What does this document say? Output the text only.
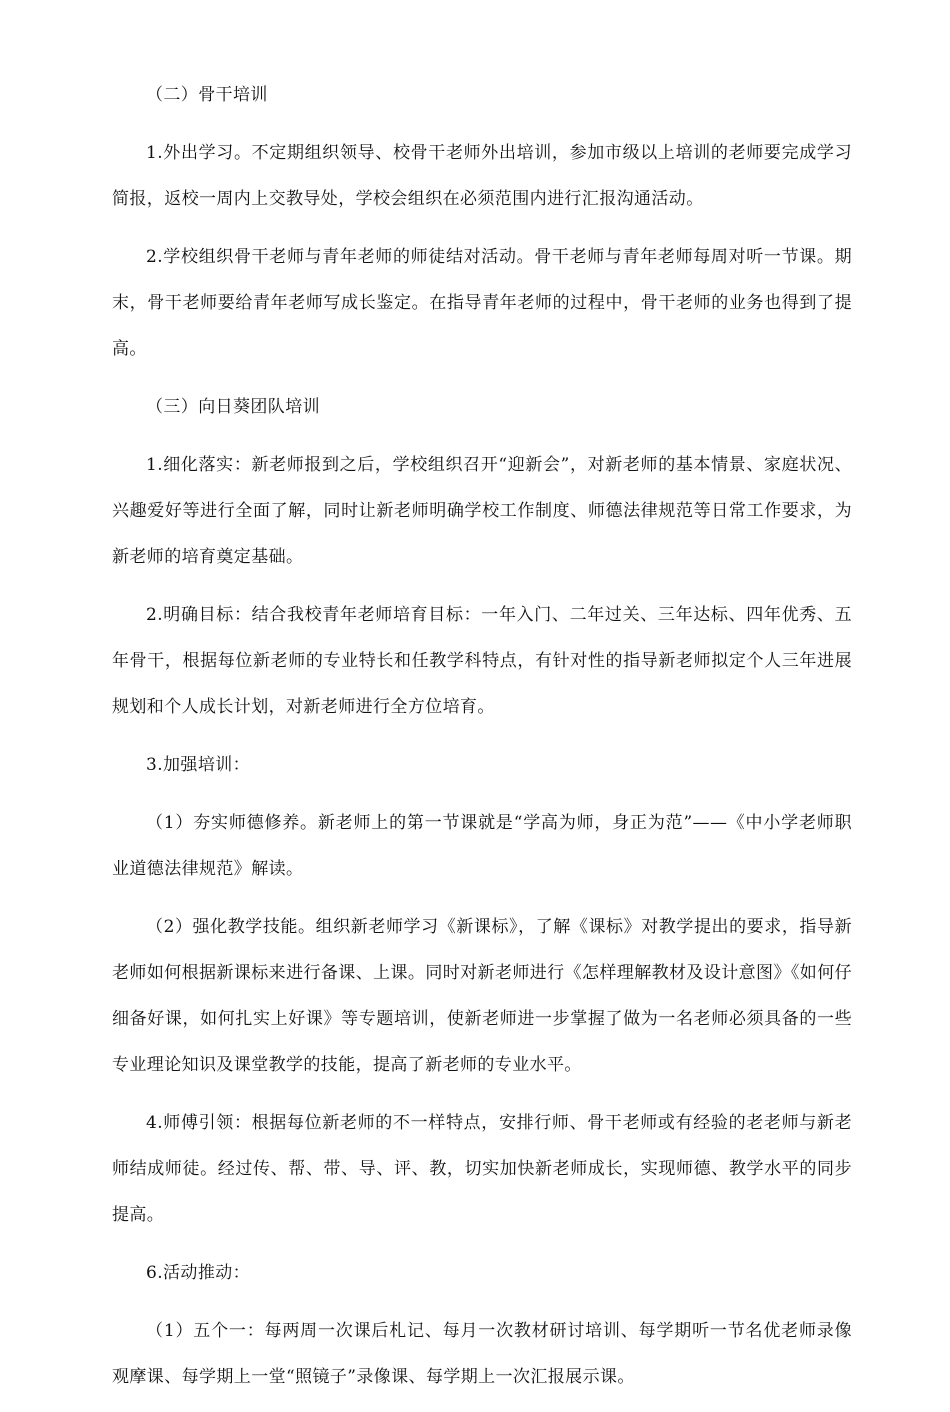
（二）骨干培训

1.外出学习。不定期组织领导、校骨干老师外出培训，参加市级以上培训的老师要完成学习简报，返校一周内上交教导处，学校会组织在必须范围内进行汇报沟通活动。

2.学校组织骨干老师与青年老师的师徒结对活动。骨干老师与青年老师每周对听一节课。期末，骨干老师要给青年老师写成长鉴定。在指导青年老师的过程中，骨干老师的业务也得到了提高。

（三）向日葵团队培训

1.细化落实：新老师报到之后，学校组织召开“迎新会”，对新老师的基本情景、家庭状况、兴趣爱好等进行全面了解，同时让新老师明确学校工作制度、师德法律规范等日常工作要求，为新老师的培育奠定基础。

2.明确目标：结合我校青年老师培育目标：一年入门、二年过关、三年达标、四年优秀、五年骨干，根据每位新老师的专业特长和任教学科特点，有针对性的指导新老师拟定个人三年进展规划和个人成长计划，对新老师进行全方位培育。

3.加强培训：

（1）夯实师德修养。新老师上的第一节课就是“学高为师，身正为范”——《中小学老师职业道德法律规范》解读。

（2）强化教学技能。组织新老师学习《新课标》，了解《课标》对教学提出的要求，指导新老师如何根据新课标来进行备课、上课。同时对新老师进行《怎样理解教材及设计意图》《如何仔细备好课，如何扎实上好课》等专题培训，使新老师进一步掌握了做为一名老师必须具备的一些专业理论知识及课堂教学的技能，提高了新老师的专业水平。

4.师傅引领：根据每位新老师的不一样特点，安排行师、骨干老师或有经验的老老师与新老师结成师徒。经过传、帮、带、导、评、教，切实加快新老师成长，实现师德、教学水平的同步提高。

6.活动推动：

（1）五个一：每两周一次课后札记、每月一次教材研讨培训、每学期听一节名优老师录像观摩课、每学期上一堂“照镜子”录像课、每学期上一次汇报展示课。
